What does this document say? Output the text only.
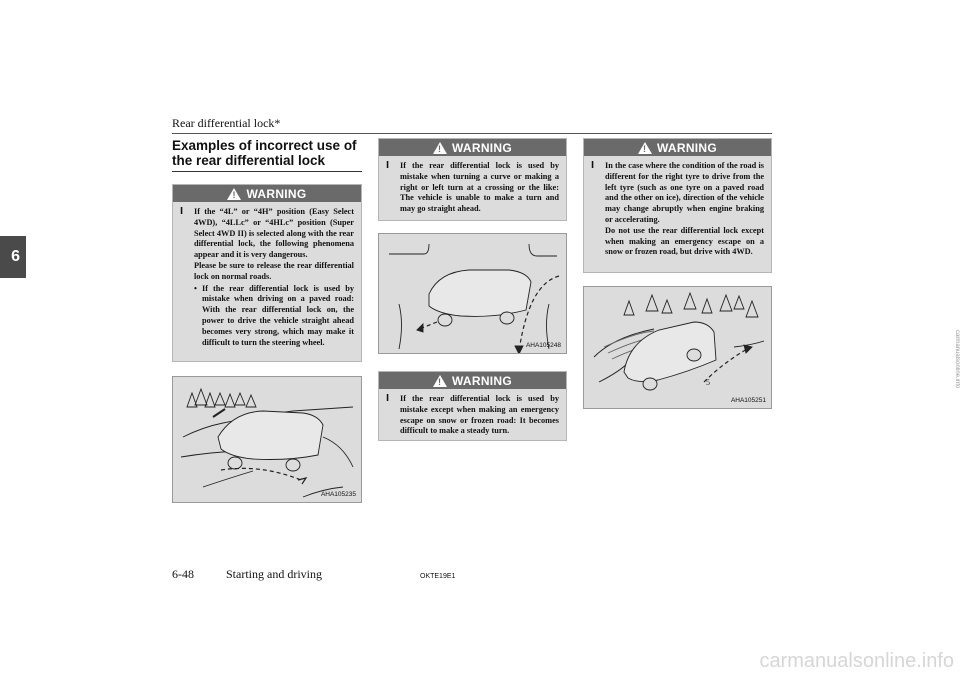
Rear differential lock*
6
Examples of incorrect use of the rear differential lock
!
WARNING
l	If the “4L” or “4H” position (Easy Select 4WD), “4LLc” or “4HLc” position (Super Select 4WD II) is selected along with the rear differential lock, the following phenomena appear and it is very dangerous.
Please be sure to release the rear differential lock on normal roads.
• If the rear differential lock is used by mistake when driving on a paved road: With the rear differential lock on, the power to drive the vehicle straight ahead becomes very strong, which may make it difficult to turn the steering wheel.
AHA105235
!
WARNING
l	If the rear differential lock is used by mistake when turning a curve or making a right or left turn at a crossing or the like: The vehicle is unable to make a turn and may go straight ahead.
AHA105248
!
WARNING
l	If the rear differential lock is used by mistake except when making an emergency escape on snow or frozen road: It becomes difficult to make a steady turn.
!
WARNING
l	In the case where the condition of the road is different for the right tyre to drive from the left tyre (such as one tyre on a paved road and the other on ice), direction of the vehicle may change abruptly when engine braking or accelerating.
Do not use the rear differential lock except when making an emergency escape on a snow or frozen road, but drive with 4WD.
5
AHA105251
6-48	Starting and driving	OKTE19E1
carmanualsonline.info
carmanualsonline.info
